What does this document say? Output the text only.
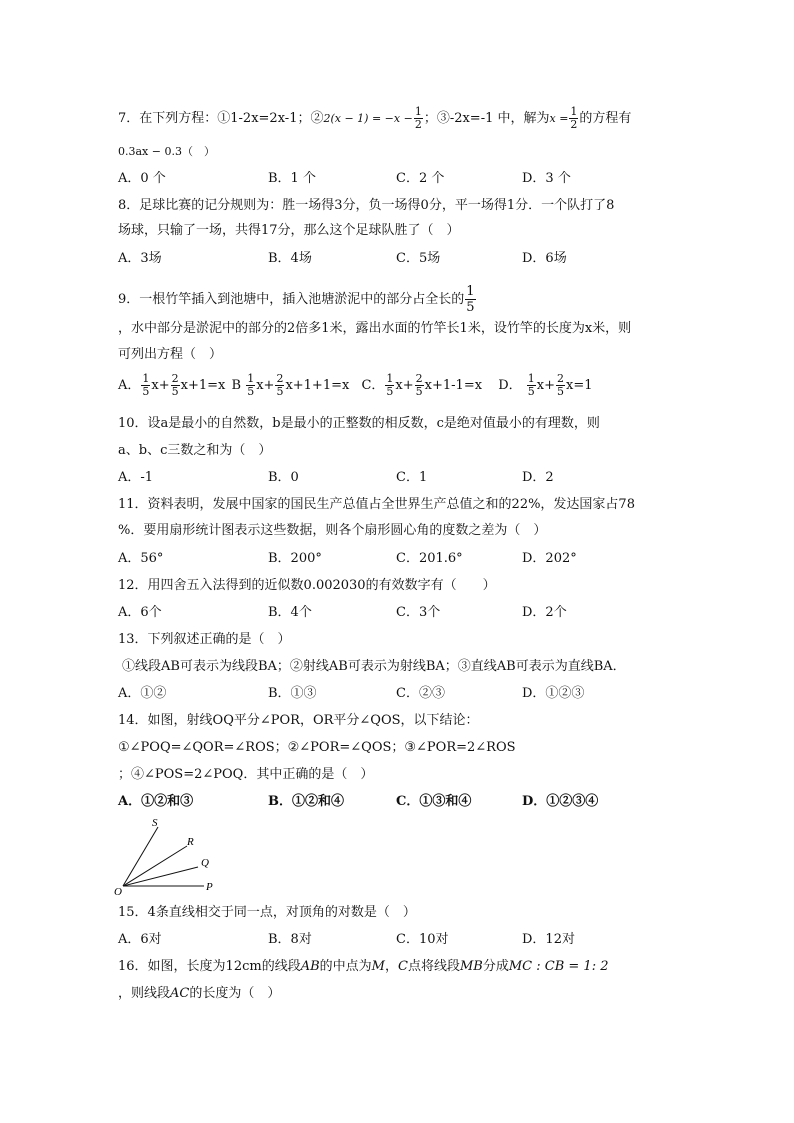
7．在下列方程：①1-2x=2x-1；②2(x − $1) = -x - \frac{1}{2}$ ；③-2x=-1 中，解为$x = \frac{1}{2}$ 的方程有
0.3ax − 0.3（　）
A．0 个	B．1 个	C．2 个	D．3 个
8．足球比赛的记分规则为：胜一场得3分，负一场得0分，平一场得1分．一个队打了8
场球，只输了一场，共得17分，那么这个足球队胜了（　）
A．3场	B．4场	C．5场	D．6场
9．一根竹竿插入到池塘中，插入池塘淤泥中的部分占全长的 $\frac{1}{5}$
，水中部分是淤泥中的部分的2倍多1米，露出水面的竹竿长1米，设竹竿的长度为x米，则
可列出方程（　）
A． $\frac{1}{5} x+ \frac{2}{5} x+1=x$ B $\frac{1}{5} x+ \frac{2}{5} x+1+1=x$ C． $\frac{1}{5} x+ \frac{2}{5} x+1-1=x$ D． $\frac{1}{5} x+ \frac{2}{5} x=1$
10．设a是最小的自然数，b是最小的正整数的相反数，c是绝对值最小的有理数，则
a、b、c三数之和为（　）
A．-1	B．0	C．1	D．2
11．资料表明，发展中国家的国民生产总值占全世界生产总值之和的22%，发达国家占78
%．要用扇形统计图表示这些数据，则各个扇形圆心角的度数之差为（　）
A．56°	B．200°	C．201.6°	D．202°
12．用四舍五入法得到的近似数0.002030的有效数字有（　　）
A．6个	B．4个	C．3个	D．2个
13．下列叙述正确的是（　）
①线段AB可表示为线段BA；②射线AB可表示为射线BA；③直线AB可表示为直线BA．
A．①②	B．①③	C．②③	D．①②③
14．如图，射线OQ平分∠POR，OR平分∠QOS，以下结论：
①∠POQ=∠QOR=∠ROS；②∠POR=∠QOS；③∠POR=2∠ROS
；④∠POS=2∠POQ．其中正确的是（　）
A．①②和③	B．①②和④	C．①③和④	D．①②③④
S
R
Q
O	P
15．4条直线相交于同一点，对顶角的对数是（　）
A．6对	B．8对	C．10对	D．12对
16．如图，长度为12cm的线段AB的中点为M，C点将线段MB分成MC : CB = 1: 2
，则线段AC的长度为（　）
